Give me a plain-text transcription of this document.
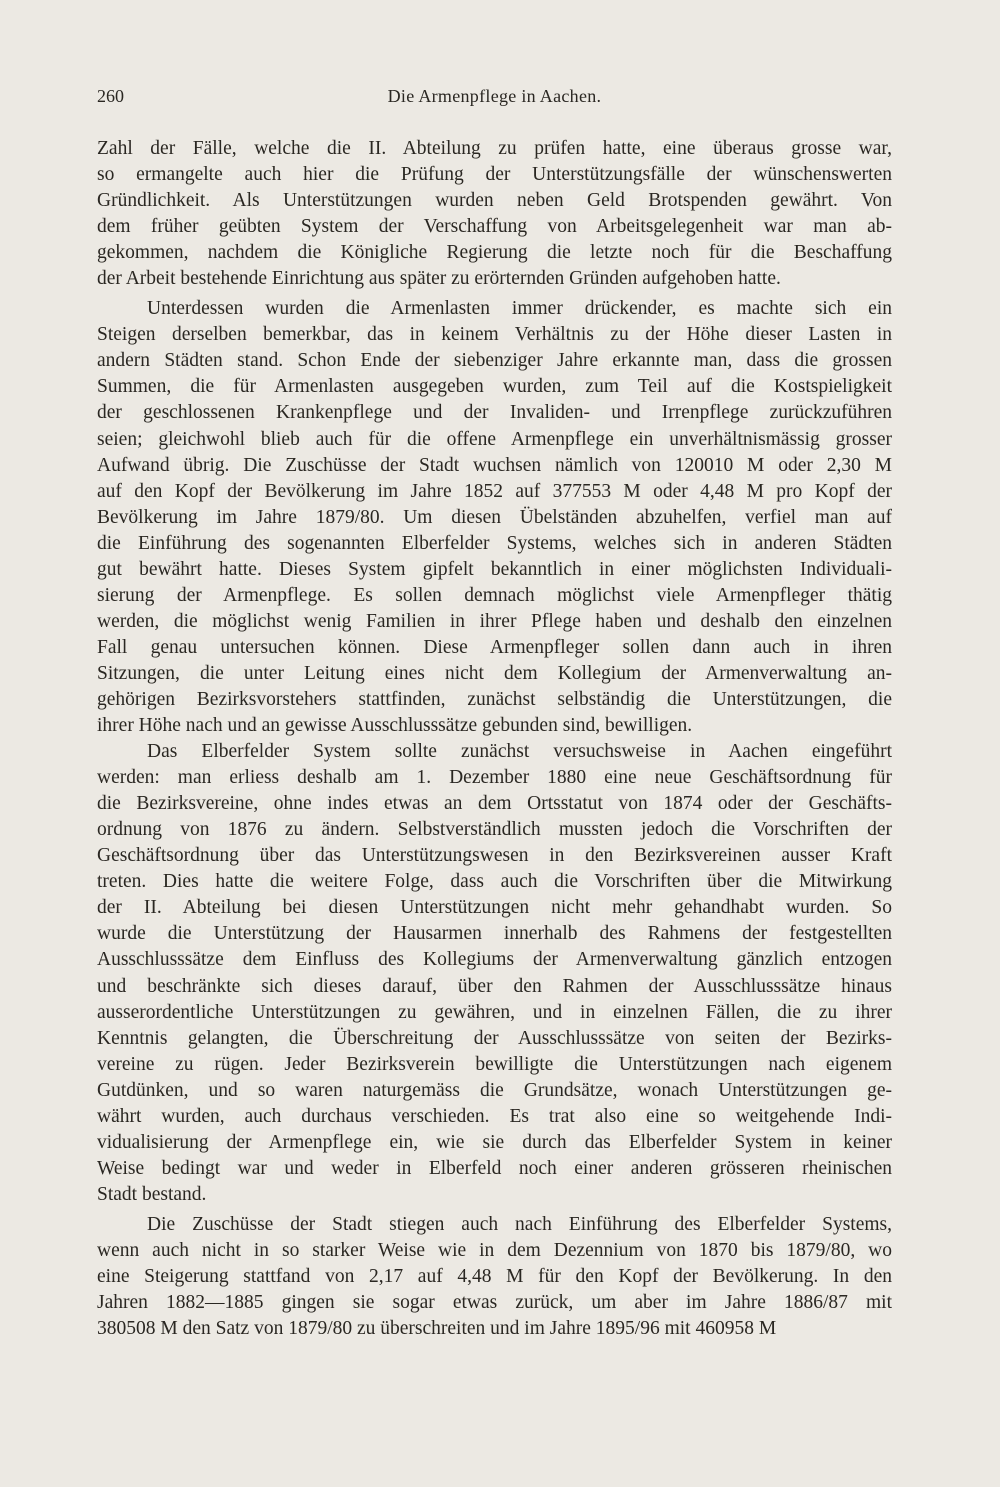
260	Die Armenpflege in Aachen.
Zahl der Fälle, welche die II. Abteilung zu prüfen hatte, eine überaus grosse war,
so ermangelte auch hier die Prüfung der Unterstützungsfälle der wünschenswerten
Gründlichkeit. Als Unterstützungen wurden neben Geld Brotspenden gewährt. Von
dem früher geübten System der Verschaffung von Arbeitsgelegenheit war man ab-
gekommen, nachdem die Königliche Regierung die letzte noch für die Beschaffung
der Arbeit bestehende Einrichtung aus später zu erörternden Gründen aufgehoben hatte.
Unterdessen wurden die Armenlasten immer drückender, es machte sich ein
Steigen derselben bemerkbar, das in keinem Verhältnis zu der Höhe dieser Lasten in
andern Städten stand. Schon Ende der siebenziger Jahre erkannte man, dass die grossen
Summen, die für Armenlasten ausgegeben wurden, zum Teil auf die Kostspieligkeit
der geschlossenen Krankenpflege und der Invaliden- und Irrenpflege zurückzuführen
seien; gleichwohl blieb auch für die offene Armenpflege ein unverhältnismässig grosser
Aufwand übrig. Die Zuschüsse der Stadt wuchsen nämlich von 120010 M oder 2,30 M
auf den Kopf der Bevölkerung im Jahre 1852 auf 377553 M oder 4,48 M pro Kopf der
Bevölkerung im Jahre 1879/80. Um diesen Übelständen abzuhelfen, verfiel man auf
die Einführung des sogenannten Elberfelder Systems, welches sich in anderen Städten
gut bewährt hatte. Dieses System gipfelt bekanntlich in einer möglichsten Individuali-
sierung der Armenpflege. Es sollen demnach möglichst viele Armenpfleger thätig
werden, die möglichst wenig Familien in ihrer Pflege haben und deshalb den einzelnen
Fall genau untersuchen können. Diese Armenpfleger sollen dann auch in ihren
Sitzungen, die unter Leitung eines nicht dem Kollegium der Armenverwaltung an-
gehörigen Bezirksvorstehers stattfinden, zunächst selbständig die Unterstützungen, die
ihrer Höhe nach und an gewisse Ausschlusssätze gebunden sind, bewilligen.
Das Elberfelder System sollte zunächst versuchsweise in Aachen eingeführt
werden: man erliess deshalb am 1. Dezember 1880 eine neue Geschäftsordnung für
die Bezirksvereine, ohne indes etwas an dem Ortsstatut von 1874 oder der Geschäfts-
ordnung von 1876 zu ändern. Selbstverständlich mussten jedoch die Vorschriften der
Geschäftsordnung über das Unterstützungswesen in den Bezirksvereinen ausser Kraft
treten. Dies hatte die weitere Folge, dass auch die Vorschriften über die Mitwirkung
der II. Abteilung bei diesen Unterstützungen nicht mehr gehandhabt wurden. So
wurde die Unterstützung der Hausarmen innerhalb des Rahmens der festgestellten
Ausschlusssätze dem Einfluss des Kollegiums der Armenverwaltung gänzlich entzogen
und beschränkte sich dieses darauf, über den Rahmen der Ausschlusssätze hinaus
ausserordentliche Unterstützungen zu gewähren, und in einzelnen Fällen, die zu ihrer
Kenntnis gelangten, die Überschreitung der Ausschlusssätze von seiten der Bezirks-
vereine zu rügen. Jeder Bezirksverein bewilligte die Unterstützungen nach eigenem
Gutdünken, und so waren naturgemäss die Grundsätze, wonach Unterstützungen ge-
währt wurden, auch durchaus verschieden. Es trat also eine so weitgehende Indi-
vidualisierung der Armenpflege ein, wie sie durch das Elberfelder System in keiner
Weise bedingt war und weder in Elberfeld noch einer anderen grösseren rheinischen
Stadt bestand.
Die Zuschüsse der Stadt stiegen auch nach Einführung des Elberfelder Systems,
wenn auch nicht in so starker Weise wie in dem Dezennium von 1870 bis 1879/80, wo
eine Steigerung stattfand von 2,17 auf 4,48 M für den Kopf der Bevölkerung. In den
Jahren 1882—1885 gingen sie sogar etwas zurück, um aber im Jahre 1886/87 mit
380508 M den Satz von 1879/80 zu überschreiten und im Jahre 1895/96 mit 460958 M
